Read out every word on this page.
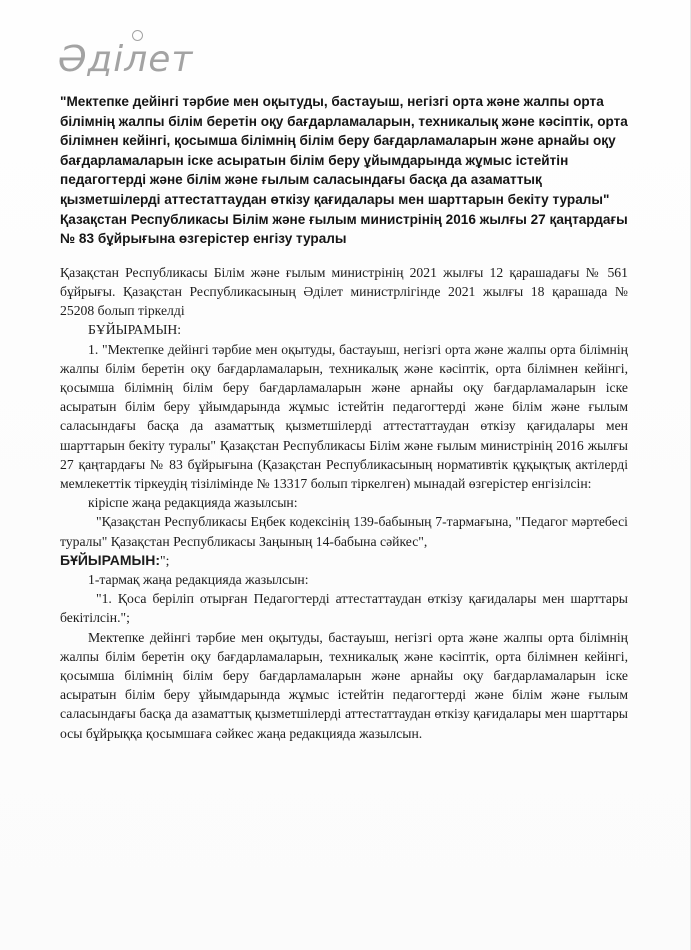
Әділет

"Мектепке дейінгі тәрбие мен оқытуды, бастауыш, негізгі орта және жалпы орта білімнің жалпы білім беретін оқу бағдарламаларын, техникалық және кәсіптік, орта білімнен кейінгі, қосымша білімнің білім беру бағдарламаларын және арнайы оқу бағдарламаларын іске асыратын білім беру ұйымдарында жұмыс істейтін педагогтерді және білім және ғылым саласындағы басқа да азаматтық қызметшілерді аттестаттаудан өткізу қағидалары мен шарттарын бекіту туралы" Қазақстан Республикасы Білім және ғылым министрінің 2016 жылғы 27 қаңтардағы № 83 бұйрығына өзгерістер енгізу туралы

Қазақстан Республикасы Білім және ғылым министрінің 2021 жылғы 12 қарашадағы № 561 бұйрығы. Қазақстан Республикасының Әділет министрлігінде 2021 жылғы 18 қарашада № 25208 болып тіркелді

БҰЙЫРАМЫН:

1. "Мектепке дейінгі тәрбие мен оқытуды, бастауыш, негізгі орта және жалпы орта білімнің жалпы білім беретін оқу бағдарламаларын, техникалық және кәсіптік, орта білімнен кейінгі, қосымша білімнің білім беру бағдарламаларын және арнайы оқу бағдарламаларын іске асыратын білім беру ұйымдарында жұмыс істейтін педагогтерді және білім және ғылым саласындағы басқа да азаматтық қызметшілерді аттестаттаудан өткізу қағидалары мен шарттарын бекіту туралы" Қазақстан Республикасы Білім және ғылым министрінің 2016 жылғы 27 қаңтардағы № 83 бұйрығына (Қазақстан Республикасының нормативтік құқықтық актілерді мемлекеттік тіркеудің тізілімінде № 13317 болып тіркелген) мынадай өзгерістер енгізілсін:

кіріспе жаңа редакцияда жазылсын:

"Қазақстан Республикасы Еңбек кодексінің 139-бабының 7-тармағына, "Педагог мәртебесі туралы" Қазақстан Республикасы Заңының 14-бабына сәйкес",
БҰЙЫРАМЫН:";

1-тармақ жаңа редакцияда жазылсын:

"1. Қоса беріліп отырған Педагогтерді аттестаттаудан өткізу қағидалары мен шарттары бекітілсін.";

Мектепке дейінгі тәрбие мен оқытуды, бастауыш, негізгі орта және жалпы орта білімнің жалпы білім беретін оқу бағдарламаларын, техникалық және кәсіптік, орта білімнен кейінгі, қосымша білімнің білім беру бағдарламаларын және арнайы оқу бағдарламаларын іске асыратын білім беру ұйымдарында жұмыс істейтін педагогтерді және білім және ғылым саласындағы басқа да азаматтық қызметшілерді аттестаттаудан өткізу қағидалары мен шарттары осы бұйрыққа қосымшаға сәйкес жаңа редакцияда жазылсын.
